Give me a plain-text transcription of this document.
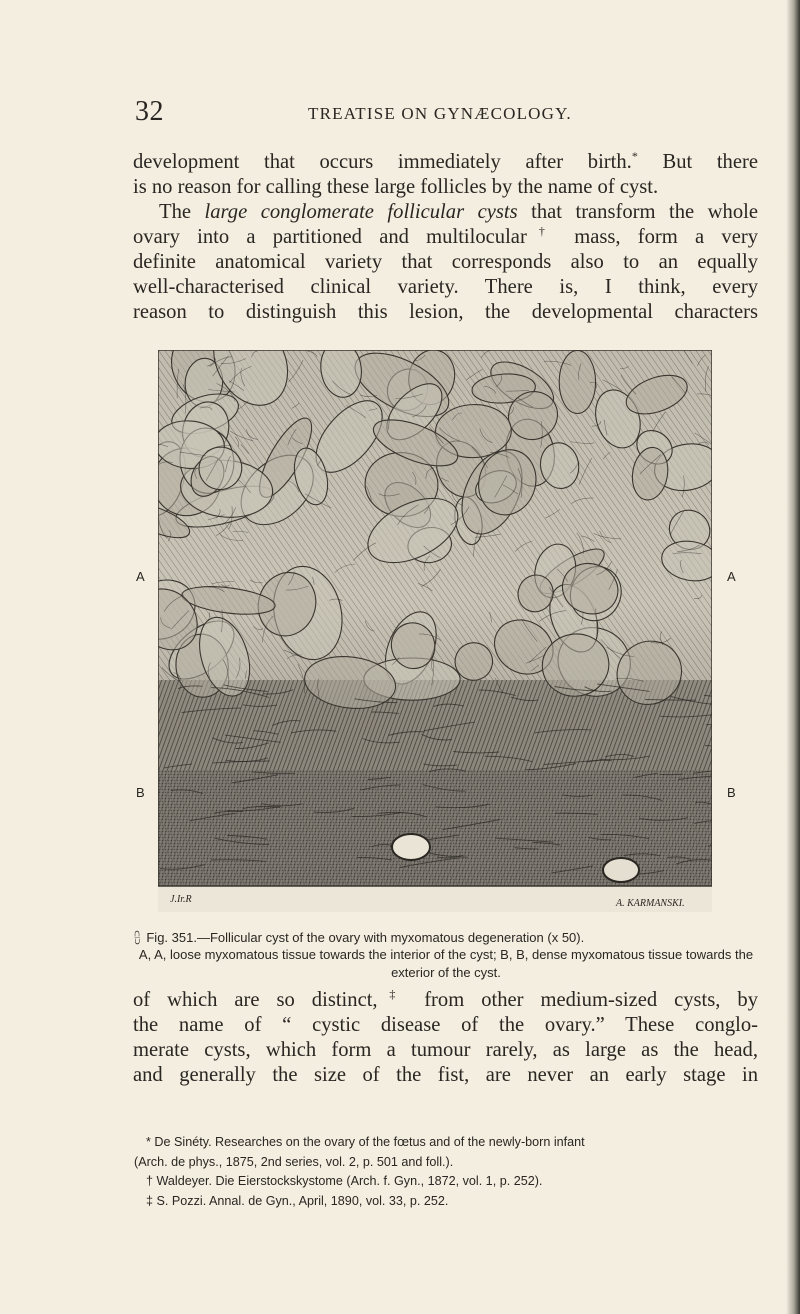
32	TREATISE ON GYNÆCOLOGY.

development that occurs immediately after birth.* But there

is no reason for calling these large follicles by the name of cyst.

The large conglomerate follicular cysts that transform the whole

ovary into a partitioned and multilocular† mass, form a very

definite anatomical variety that corresponds also to an equally

well-characterised clinical variety. There is, I think, every

reason to distinguish this lesion, the developmental characters

A	A
B	B
J.Ir.R	A. KARMANSKI.
⩉ Fig. 351.—Follicular cyst of the ovary with myxomatous degeneration (x 50).
A, A, loose myxomatous tissue towards the interior of the cyst; B, B, dense myxomatous tissue towards the exterior of the cyst.

of which are so distinct,‡ from other medium-sized cysts, by

the name of “ cystic disease of the ovary.” These conglo-

merate cysts, which form a tumour rarely, as large as the head,

and generally the size of the fist, are never an early stage in

* De Sinéty. Researches on the ovary of the fœtus and of the newly-born infant

(Arch. de phys., 1875, 2nd series, vol. 2, p. 501 and foll.).

† Waldeyer. Die Eierstockskystome (Arch. f. Gyn., 1872, vol. 1, p. 252).

‡ S. Pozzi. Annal. de Gyn., April, 1890, vol. 33, p. 252.
